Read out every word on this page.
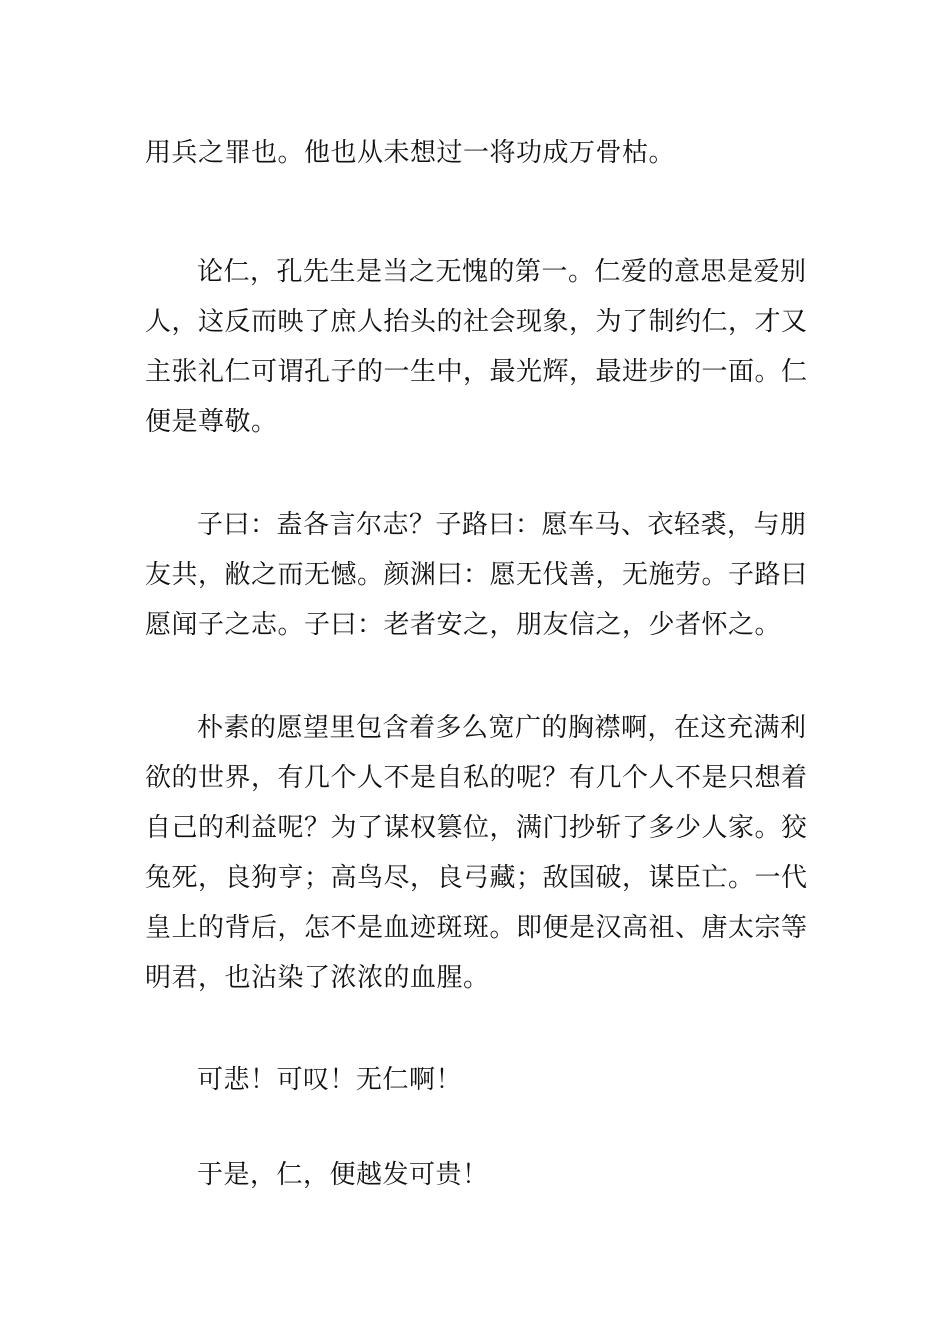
用兵之罪也。他也从未想过一将功成万骨枯。
论仁，孔先生是当之无愧的第一。仁爱的意思是爱别
人，这反而映了庶人抬头的社会现象，为了制约仁，才又
主张礼仁可谓孔子的一生中，最光辉，最进步的一面。仁
便是尊敬。
子曰：盍各言尔志？子路曰：愿车马、衣轻裘，与朋
友共，敝之而无憾。颜渊曰：愿无伐善，无施劳。子路曰
愿闻子之志。子曰：老者安之，朋友信之，少者怀之。
朴素的愿望里包含着多么宽广的胸襟啊，在这充满利
欲的世界，有几个人不是自私的呢？有几个人不是只想着
自己的利益呢？为了谋权篡位，满门抄斩了多少人家。狡
兔死，良狗亨；高鸟尽，良弓藏；敌国破，谋臣亡。一代
皇上的背后，怎不是血迹斑斑。即便是汉高祖、唐太宗等
明君，也沾染了浓浓的血腥。
可悲！可叹！无仁啊！
于是，仁，便越发可贵！
